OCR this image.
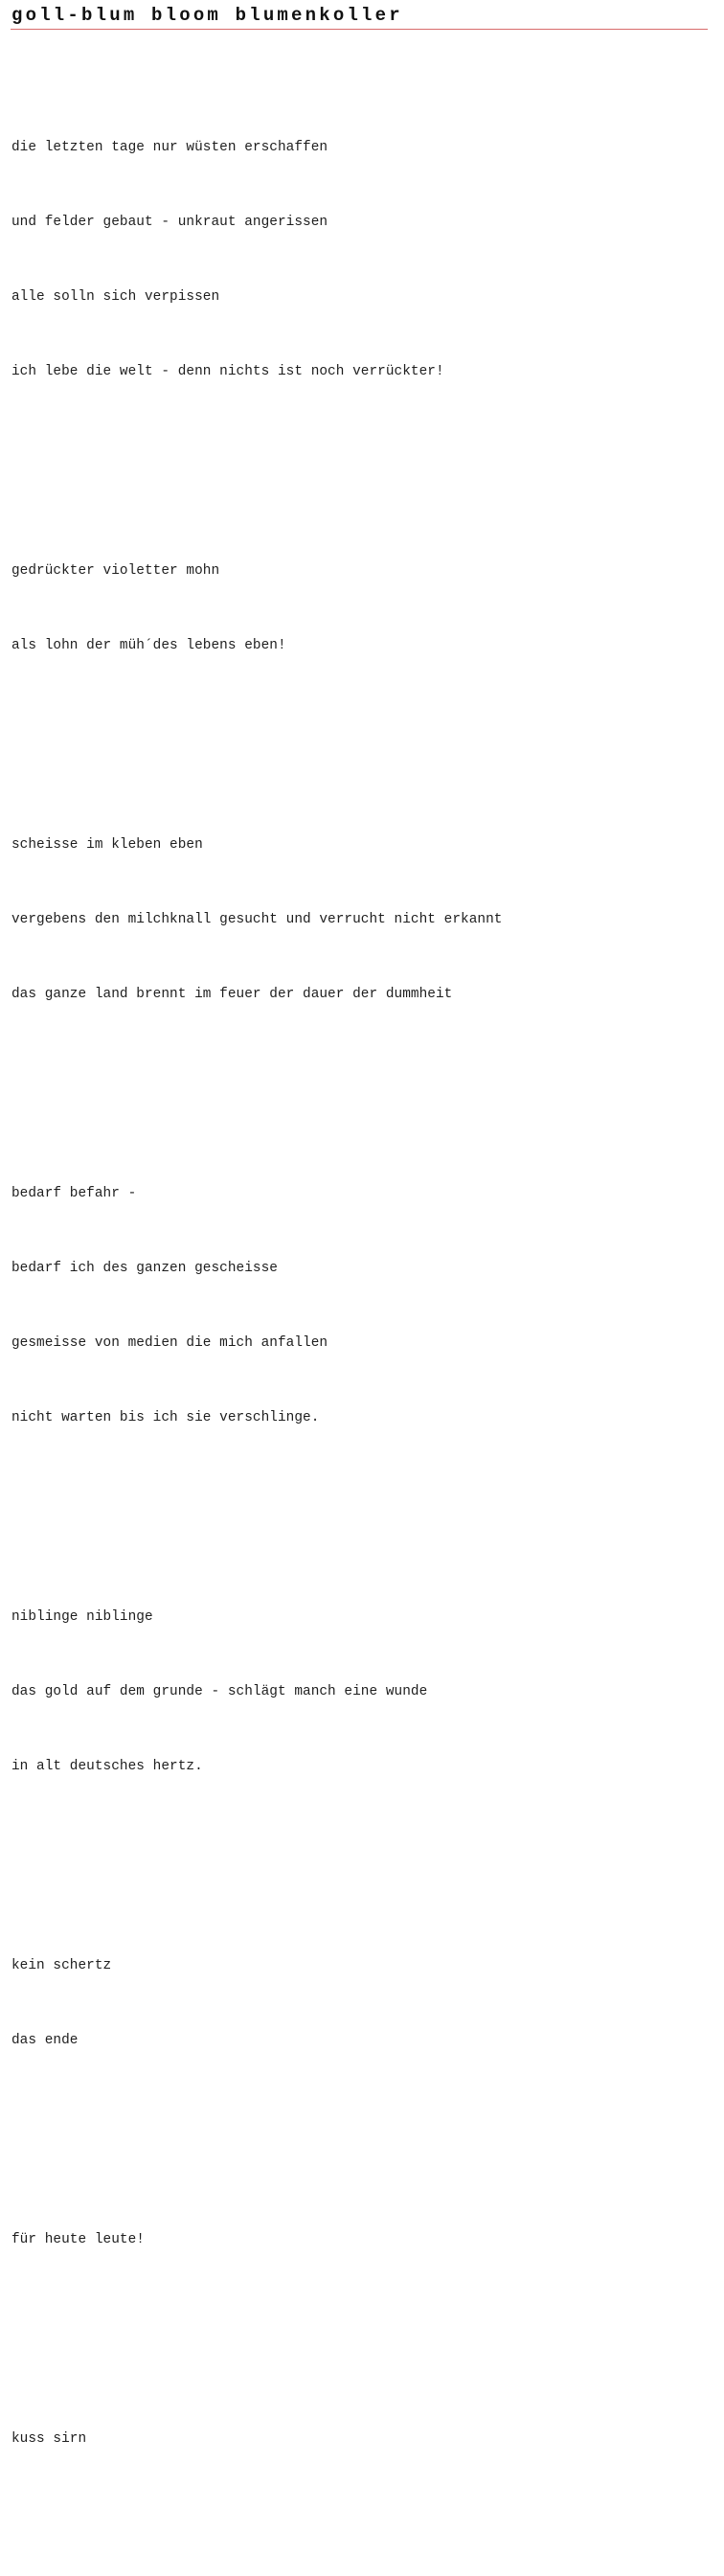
goll-blum bloom blumenkoller

die letzten tage nur wüsten erschaffen

und felder gebaut - unkraut angerissen

alle solln sich verpissen

ich lebe die welt - denn nichts ist noch verrückter!

gedrückter violetter mohn

als lohn der müh´des lebens eben!

scheisse im kleben eben

vergebens den milchknall gesucht und verrucht nicht erkannt

das ganze land brennt im feuer der dauer der dummheit

bedarf befahr -

bedarf ich des ganzen gescheisse

gesmeisse von medien die mich anfallen

nicht warten bis ich sie verschlinge.

niblinge niblinge

das gold auf dem grunde - schlägt manch eine wunde

in alt deutsches hertz.

kein schertz

das ende

für heute leute!

kuss sirn
